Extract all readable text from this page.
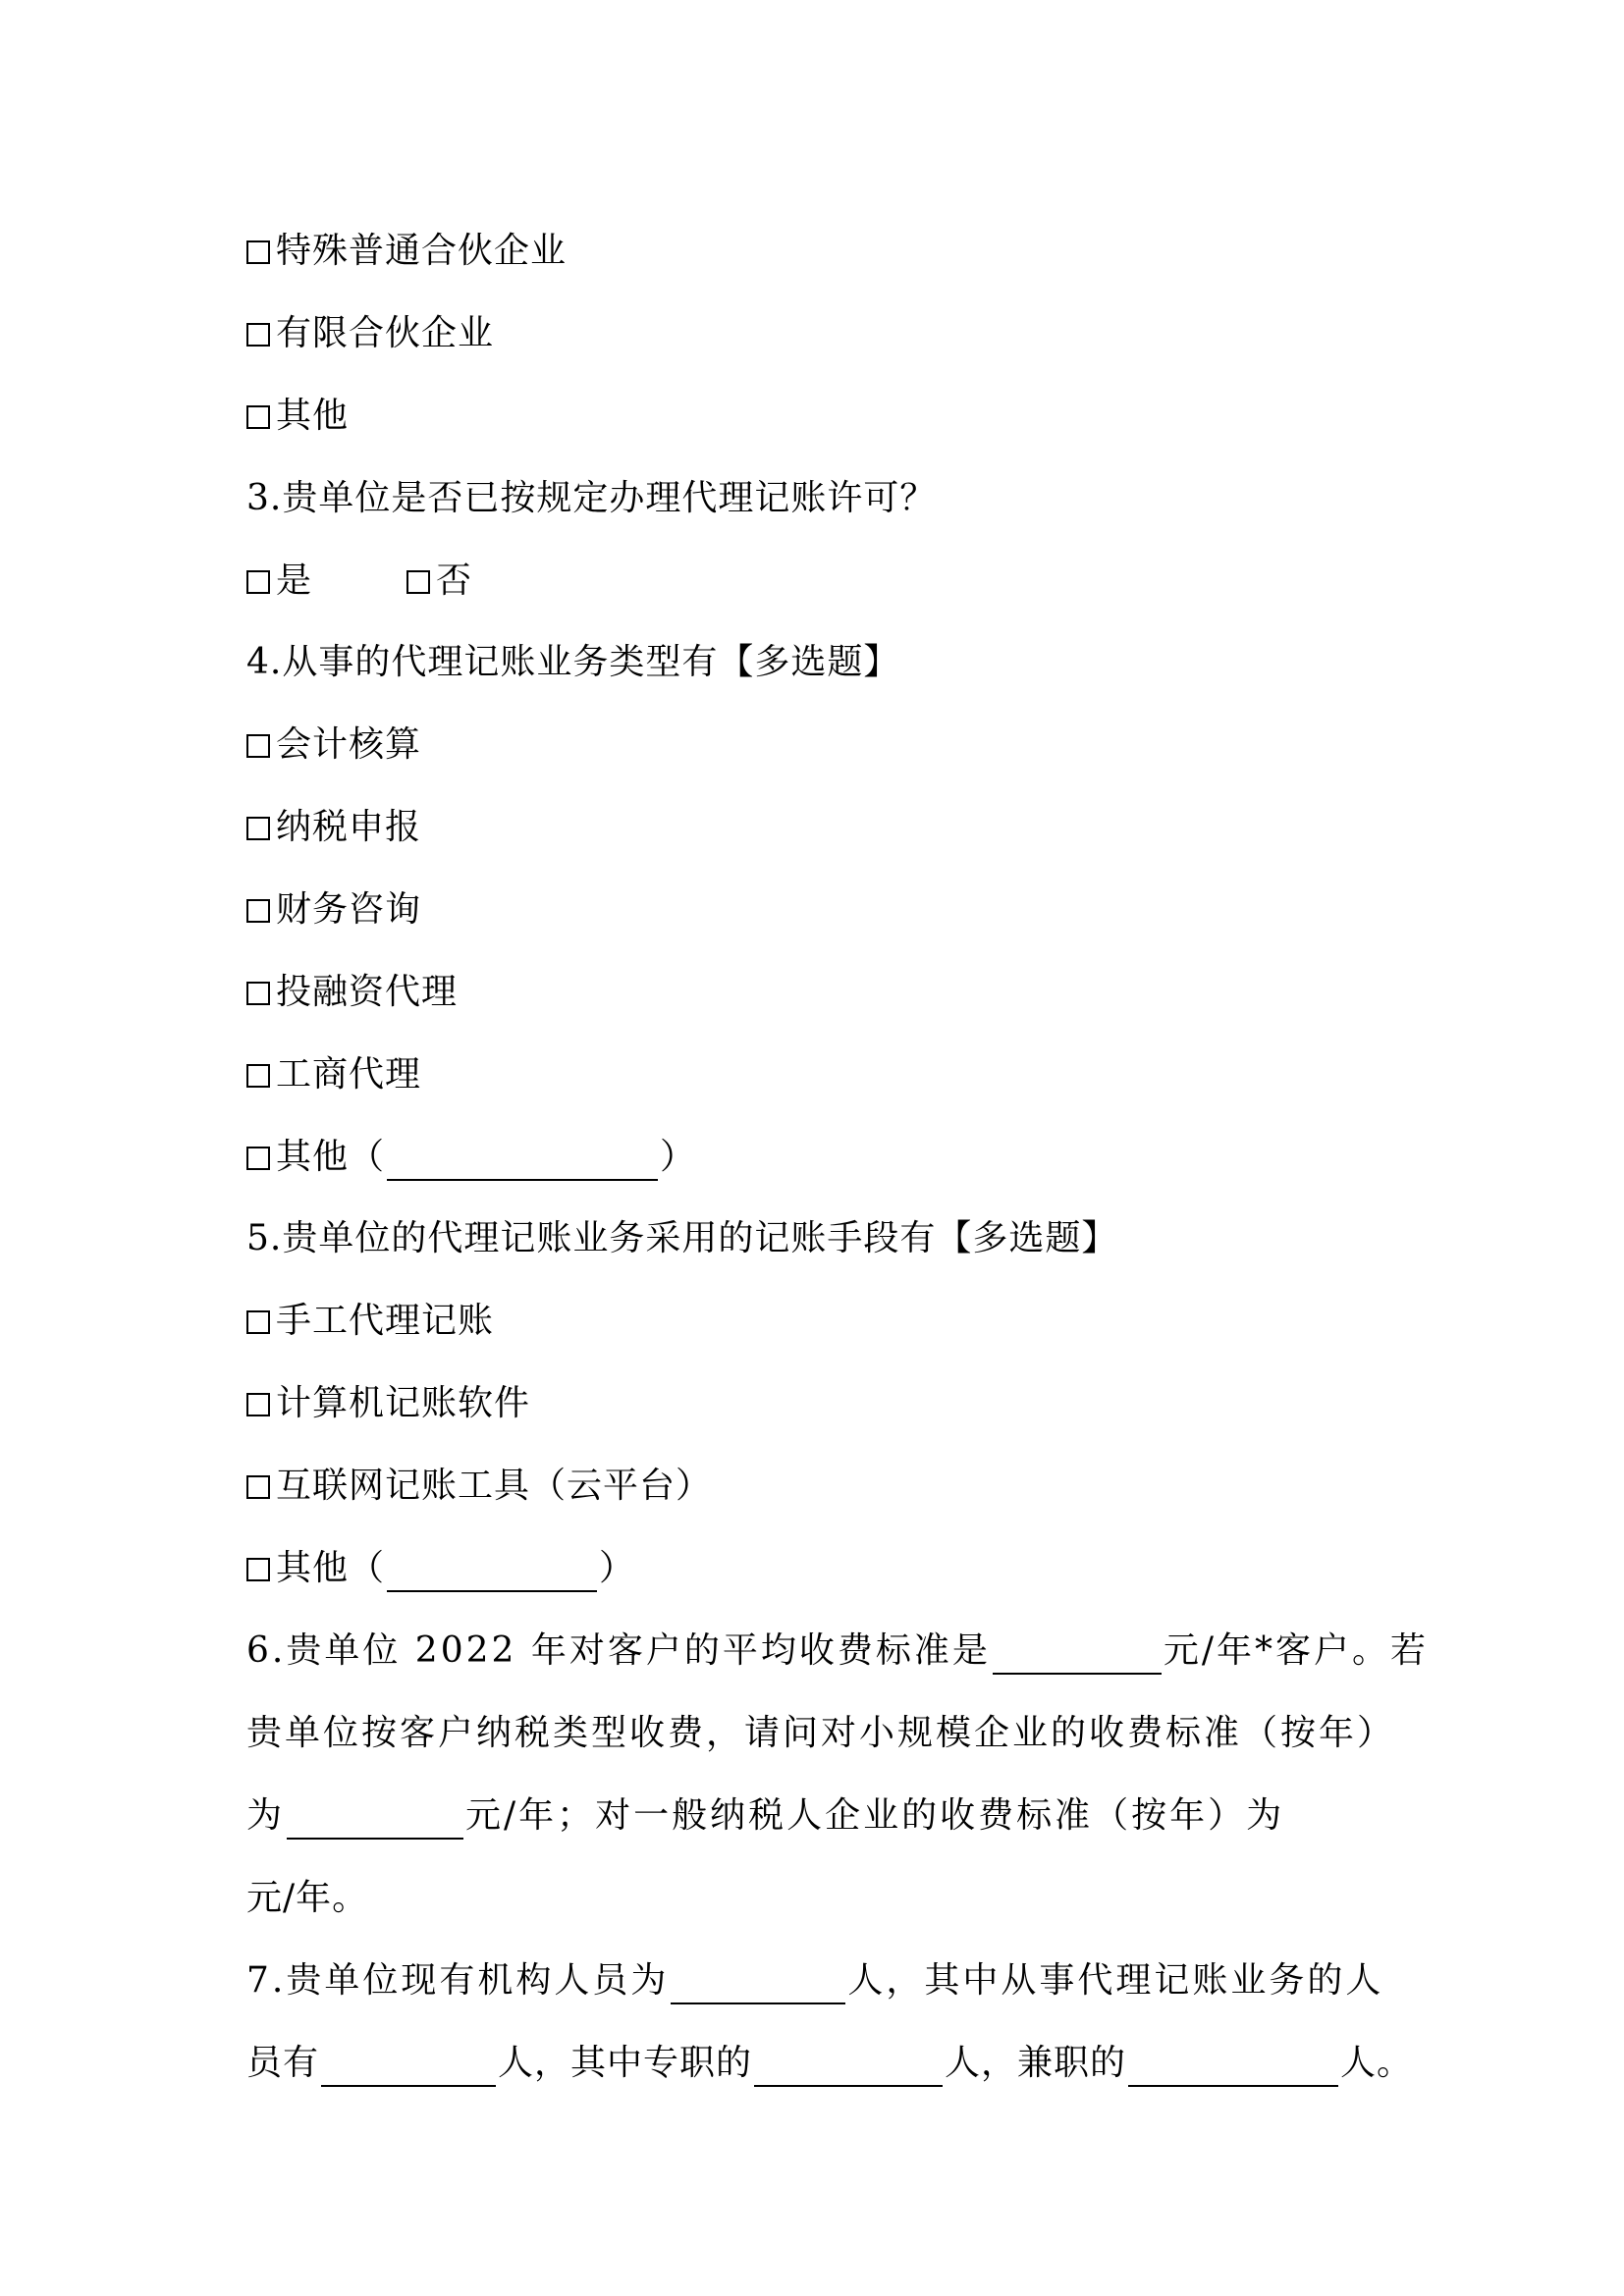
特殊普通合伙企业
有限合伙企业
其他
3.贵单位是否已按规定办理代理记账许可？
是	否
4.从事的代理记账业务类型有【多选题】
会计核算
纳税申报
财务咨询
投融资代理
工商代理
其他（	）
5.贵单位的代理记账业务采用的记账手段有【多选题】
手工代理记账
计算机记账软件
互联网记账工具（云平台）
其他（	）
6.贵单位 2022 年对客户的平均收费标准是	元/年*客户。若
贵单位按客户纳税类型收费，请问对小规模企业的收费标准（按年）
为	元/年；对一般纳税人企业的收费标准（按年）为
元/年。
7.贵单位现有机构人员为	人，其中从事代理记账业务的人
员有	人，其中专职的	人，兼职的	人。
